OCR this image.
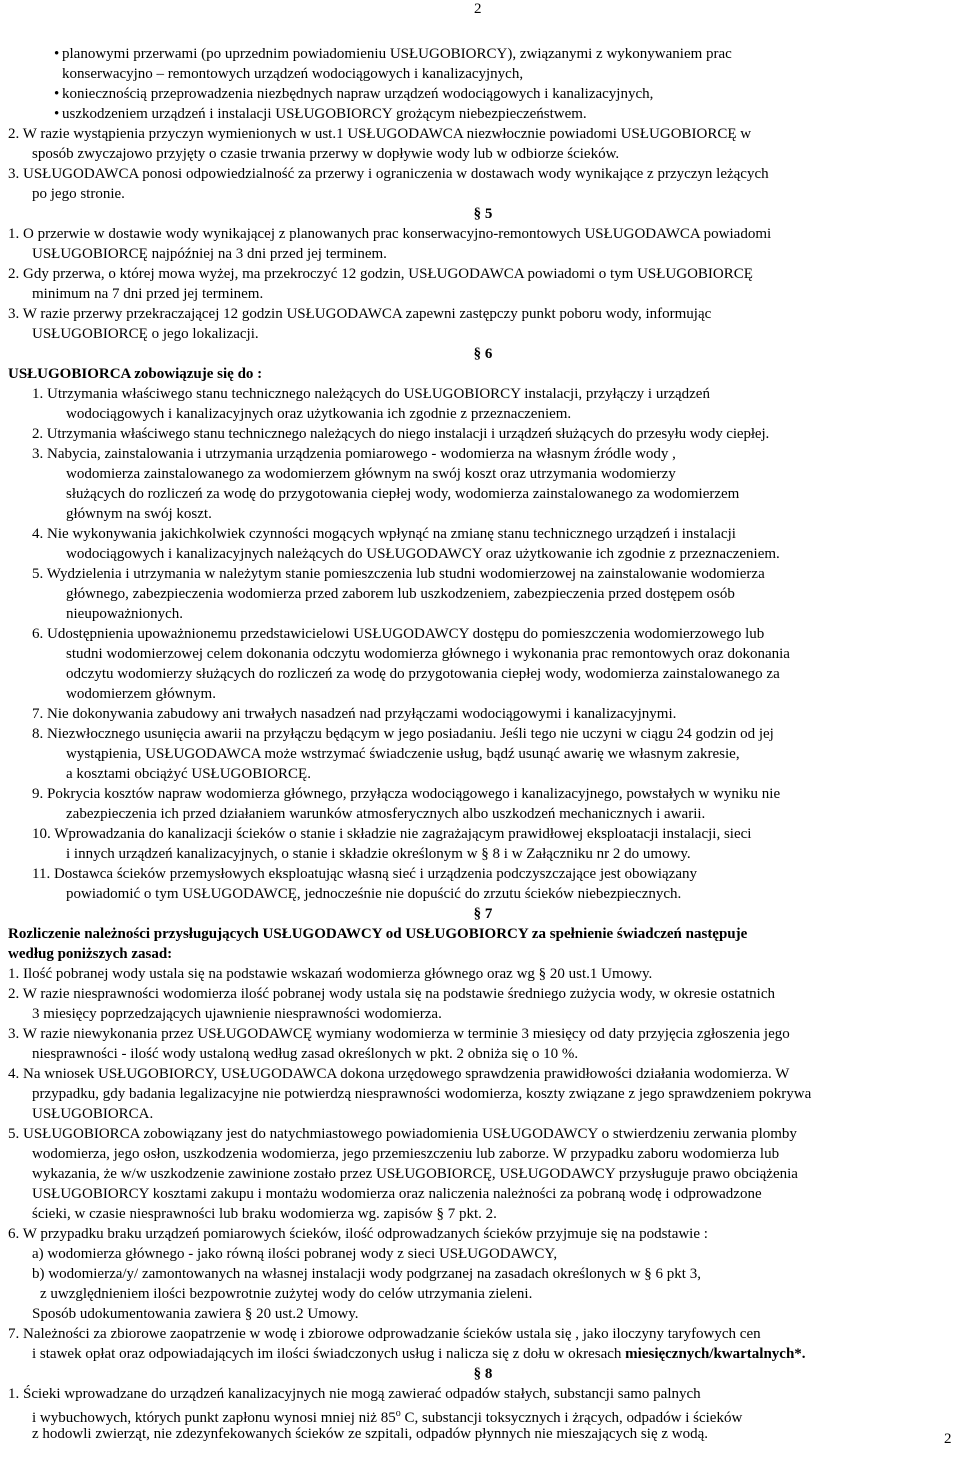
2
• planowymi przerwami (po uprzednim powiadomieniu USŁUGOBIORCY), związanymi z wykonywaniem prac
konserwacyjno – remontowych urządzeń wodociągowych i kanalizacyjnych,
• koniecznością przeprowadzenia niezbędnych napraw urządzeń wodociągowych i kanalizacyjnych,
• uszkodzeniem urządzeń i instalacji USŁUGOBIORCY grożącym niebezpieczeństwem.
2. W razie wystąpienia przyczyn wymienionych w ust.1 USŁUGODAWCA niezwłocznie powiadomi USŁUGOBIORCĘ w
sposób zwyczajowo przyjęty o czasie trwania przerwy w dopływie wody lub w odbiorze ścieków.
3. USŁUGODAWCA ponosi odpowiedzialność za przerwy i ograniczenia w dostawach wody wynikające z przyczyn leżących
po jego stronie.
§ 5
1. O przerwie w dostawie wody wynikającej z planowanych prac konserwacyjno-remontowych USŁUGODAWCA powiadomi
USŁUGOBIORCĘ najpóźniej na 3 dni przed jej terminem.
2. Gdy przerwa, o której mowa wyżej, ma przekroczyć 12 godzin, USŁUGODAWCA powiadomi o tym USŁUGOBIORCĘ
minimum na 7 dni przed jej terminem.
3. W razie przerwy przekraczającej 12 godzin USŁUGODAWCA zapewni zastępczy punkt poboru wody, informując
USŁUGOBIORCĘ o jego lokalizacji.
§ 6
USŁUGOBIORCA zobowiązuje się do :
1. Utrzymania właściwego stanu technicznego należących do USŁUGOBIORCY instalacji, przyłączy i urządzeń
wodociągowych i kanalizacyjnych oraz użytkowania ich zgodnie z przeznaczeniem.
2. Utrzymania właściwego stanu technicznego należących do niego instalacji i urządzeń służących do przesyłu wody ciepłej.
3. Nabycia, zainstalowania i utrzymania urządzenia pomiarowego - wodomierza na własnym źródle wody ,
wodomierza zainstalowanego za wodomierzem głównym na swój koszt oraz utrzymania wodomierzy
służących do rozliczeń za wodę do przygotowania ciepłej wody, wodomierza zainstalowanego za wodomierzem
głównym na swój koszt.
4. Nie wykonywania jakichkolwiek czynności mogących wpłynąć na zmianę stanu technicznego urządzeń i instalacji
wodociągowych i kanalizacyjnych należących do USŁUGODAWCY oraz użytkowanie ich zgodnie z przeznaczeniem.
5. Wydzielenia i utrzymania w należytym stanie pomieszczenia lub studni wodomierzowej na zainstalowanie wodomierza
głównego, zabezpieczenia wodomierza przed zaborem lub uszkodzeniem, zabezpieczenia przed dostępem osób
nieupoważnionych.
6. Udostępnienia upoważnionemu przedstawicielowi USŁUGODAWCY dostępu do pomieszczenia wodomierzowego lub
studni wodomierzowej celem dokonania odczytu wodomierza głównego i wykonania prac remontowych oraz dokonania
odczytu wodomierzy służących do rozliczeń za wodę do przygotowania ciepłej wody, wodomierza zainstalowanego za
wodomierzem głównym.
7. Nie dokonywania zabudowy ani trwałych nasadzeń nad przyłączami wodociągowymi i kanalizacyjnymi.
8. Niezwłocznego usunięcia awarii na przyłączu będącym w jego posiadaniu. Jeśli tego nie uczyni w ciągu 24 godzin od jej
wystąpienia, USŁUGODAWCA może wstrzymać świadczenie usług, bądź usunąć awarię we własnym zakresie,
a kosztami obciążyć USŁUGOBIORCĘ.
9. Pokrycia kosztów napraw wodomierza głównego, przyłącza wodociągowego i kanalizacyjnego, powstałych w wyniku nie
zabezpieczenia ich przed działaniem warunków atmosferycznych albo uszkodzeń mechanicznych i awarii.
10. Wprowadzania do kanalizacji ścieków o stanie i składzie nie zagrażającym prawidłowej eksploatacji instalacji, sieci
i innych urządzeń kanalizacyjnych, o stanie i składzie określonym w § 8 i w Załączniku nr 2 do umowy.
11. Dostawca ścieków przemysłowych eksploatując własną sieć i urządzenia podczyszczające jest obowiązany
powiadomić o tym USŁUGODAWCĘ, jednocześnie nie dopuścić do zrzutu ścieków niebezpiecznych.
§ 7
Rozliczenie należności przysługujących USŁUGODAWCY od USŁUGOBIORCY za spełnienie świadczeń następuje
według poniższych zasad:
1. Ilość pobranej wody ustala się na podstawie wskazań wodomierza głównego oraz wg § 20 ust.1 Umowy.
2. W razie niesprawności wodomierza ilość pobranej wody ustala się na podstawie średniego zużycia wody, w okresie ostatnich
3 miesięcy poprzedzających ujawnienie niesprawności wodomierza.
3. W razie niewykonania przez USŁUGODAWCĘ wymiany wodomierza w terminie 3 miesięcy od daty przyjęcia zgłoszenia jego
niesprawności - ilość wody ustaloną według zasad określonych w pkt. 2 obniża się o 10 %.
4. Na wniosek USŁUGOBIORCY, USŁUGODAWCA dokona urzędowego sprawdzenia prawidłowości działania wodomierza. W
przypadku, gdy badania legalizacyjne nie potwierdzą niesprawności wodomierza, koszty związane z jego sprawdzeniem pokrywa
USŁUGOBIORCA.
5. USŁUGOBIORCA zobowiązany jest do natychmiastowego powiadomienia USŁUGODAWCY o stwierdzeniu zerwania plomby
wodomierza, jego osłon, uszkodzenia wodomierza, jego przemieszczeniu lub zaborze. W przypadku zaboru wodomierza lub
wykazania, że w/w uszkodzenie zawinione zostało przez USŁUGOBIORCĘ, USŁUGODAWCY przysługuje prawo obciążenia
USŁUGOBIORCY kosztami zakupu i montażu wodomierza oraz naliczenia należności za pobraną wodę i odprowadzone
ścieki, w czasie niesprawności lub braku wodomierza wg. zapisów § 7 pkt. 2.
6. W przypadku braku urządzeń pomiarowych ścieków, ilość odprowadzanych ścieków przyjmuje się na podstawie :
a) wodomierza głównego - jako równą ilości pobranej wody z sieci USŁUGODAWCY,
b) wodomierza/y/ zamontowanych na własnej instalacji wody podgrzanej na zasadach określonych w § 6 pkt 3,
z uwzględnieniem ilości bezpowrotnie zużytej wody do celów utrzymania zieleni.
Sposób udokumentowania zawiera § 20 ust.2 Umowy.
7. Należności za zbiorowe zaopatrzenie w wodę i zbiorowe odprowadzanie ścieków ustala się , jako iloczyny taryfowych cen
i stawek opłat oraz odpowiadających im ilości świadczonych usług i nalicza się z dołu w okresach miesięcznych/kwartalnych*.
§ 8
1. Ścieki wprowadzane do urządzeń kanalizacyjnych nie mogą zawierać odpadów stałych, substancji samo palnych
i wybuchowych, których punkt zapłonu wynosi mniej niż 85$^o$ C, substancji toksycznych i żrących, odpadów i ścieków
z hodowli zwierząt, nie zdezynfekowanych ścieków ze szpitali, odpadów płynnych nie mieszających się z wodą.	2
